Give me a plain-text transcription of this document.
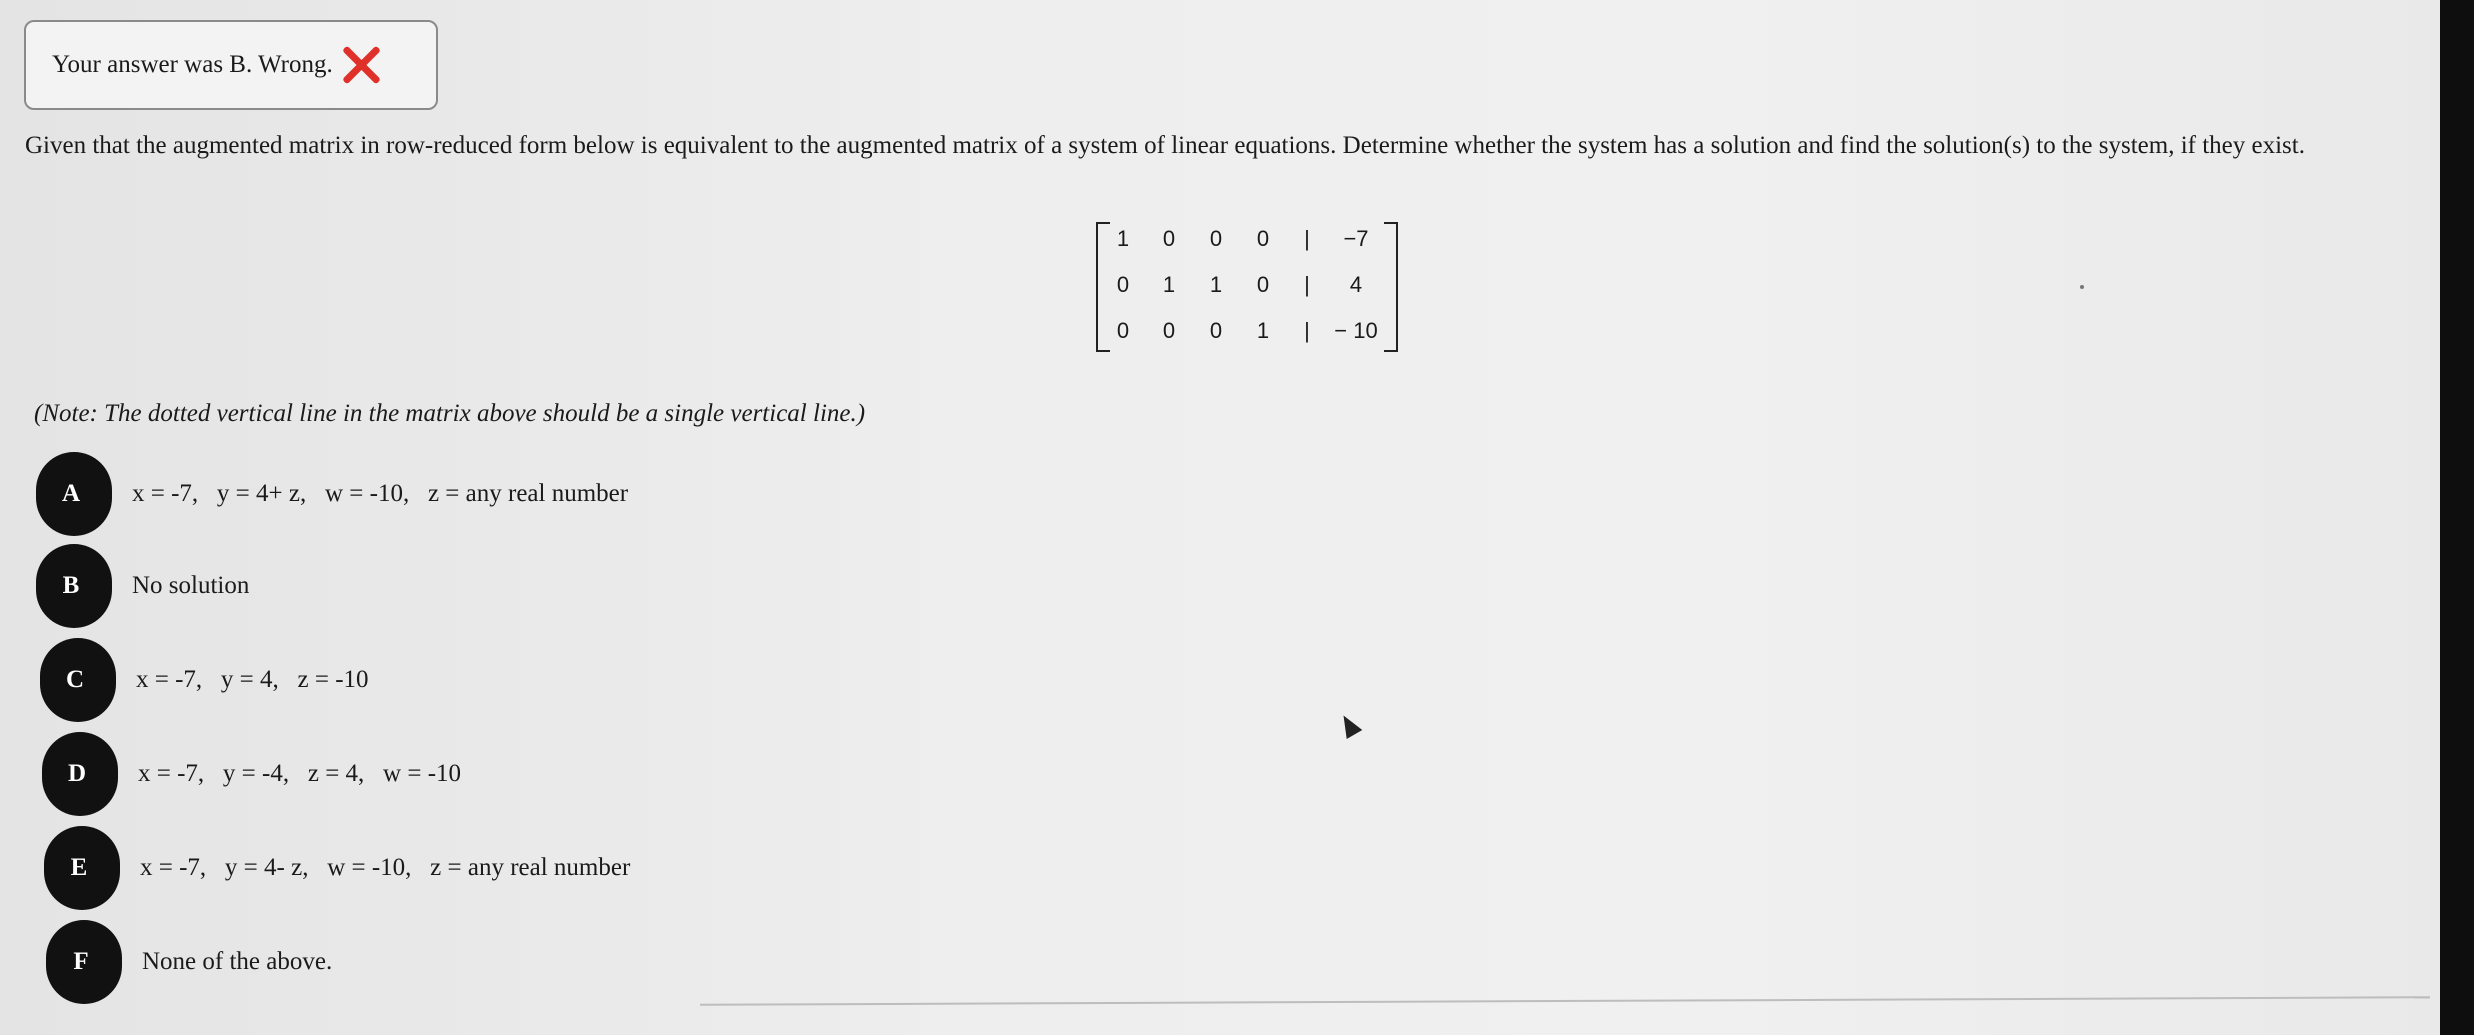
Your answer was B. Wrong.
Given that the augmented matrix in row-reduced form below is equivalent to the augmented matrix of a system of linear equations. Determine whether the system has a solution and find the solution(s) to the system, if they exist.
1	0	0	0	|	−7
0	1	1	0	|	4
0	0	0	1	|	− 10
(Note: The dotted vertical line in the matrix above should be a single vertical line.)
A	x = -7,   y = 4+ z,   w = -10,   z = any real number
B	No solution
C	x = -7,   y = 4,   z = -10
D	x = -7,   y = -4,   z = 4,   w = -10
E	x = -7,   y = 4- z,   w = -10,   z = any real number
F	None of the above.
